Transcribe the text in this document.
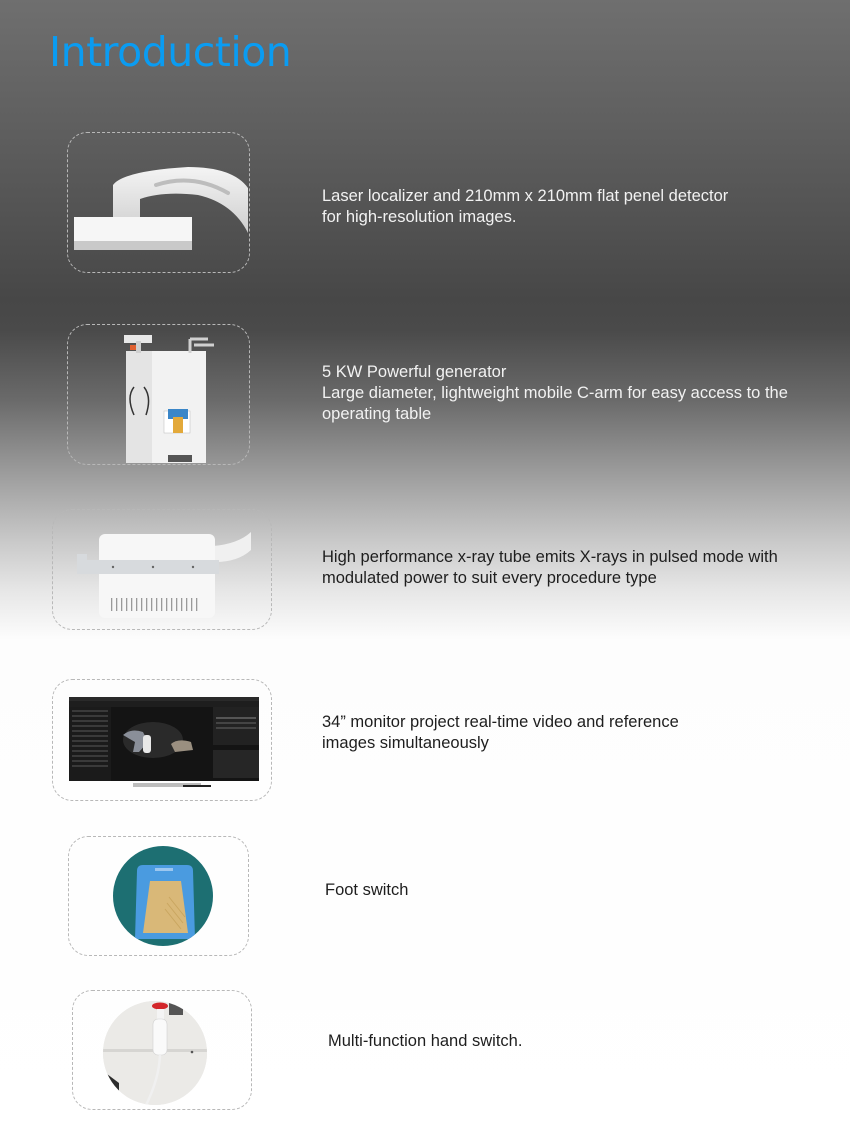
Introduction

Laser localizer and 210mm x 210mm flat penel detector
for high-resolution images.

5 KW Powerful generator
Large diameter, lightweight mobile C-arm for easy access to the
operating table

High performance x-ray tube emits X-rays in pulsed mode with
modulated power to suit every procedure type

34” monitor project real-time video and reference
images simultaneously

Foot switch

Multi-function hand switch.
